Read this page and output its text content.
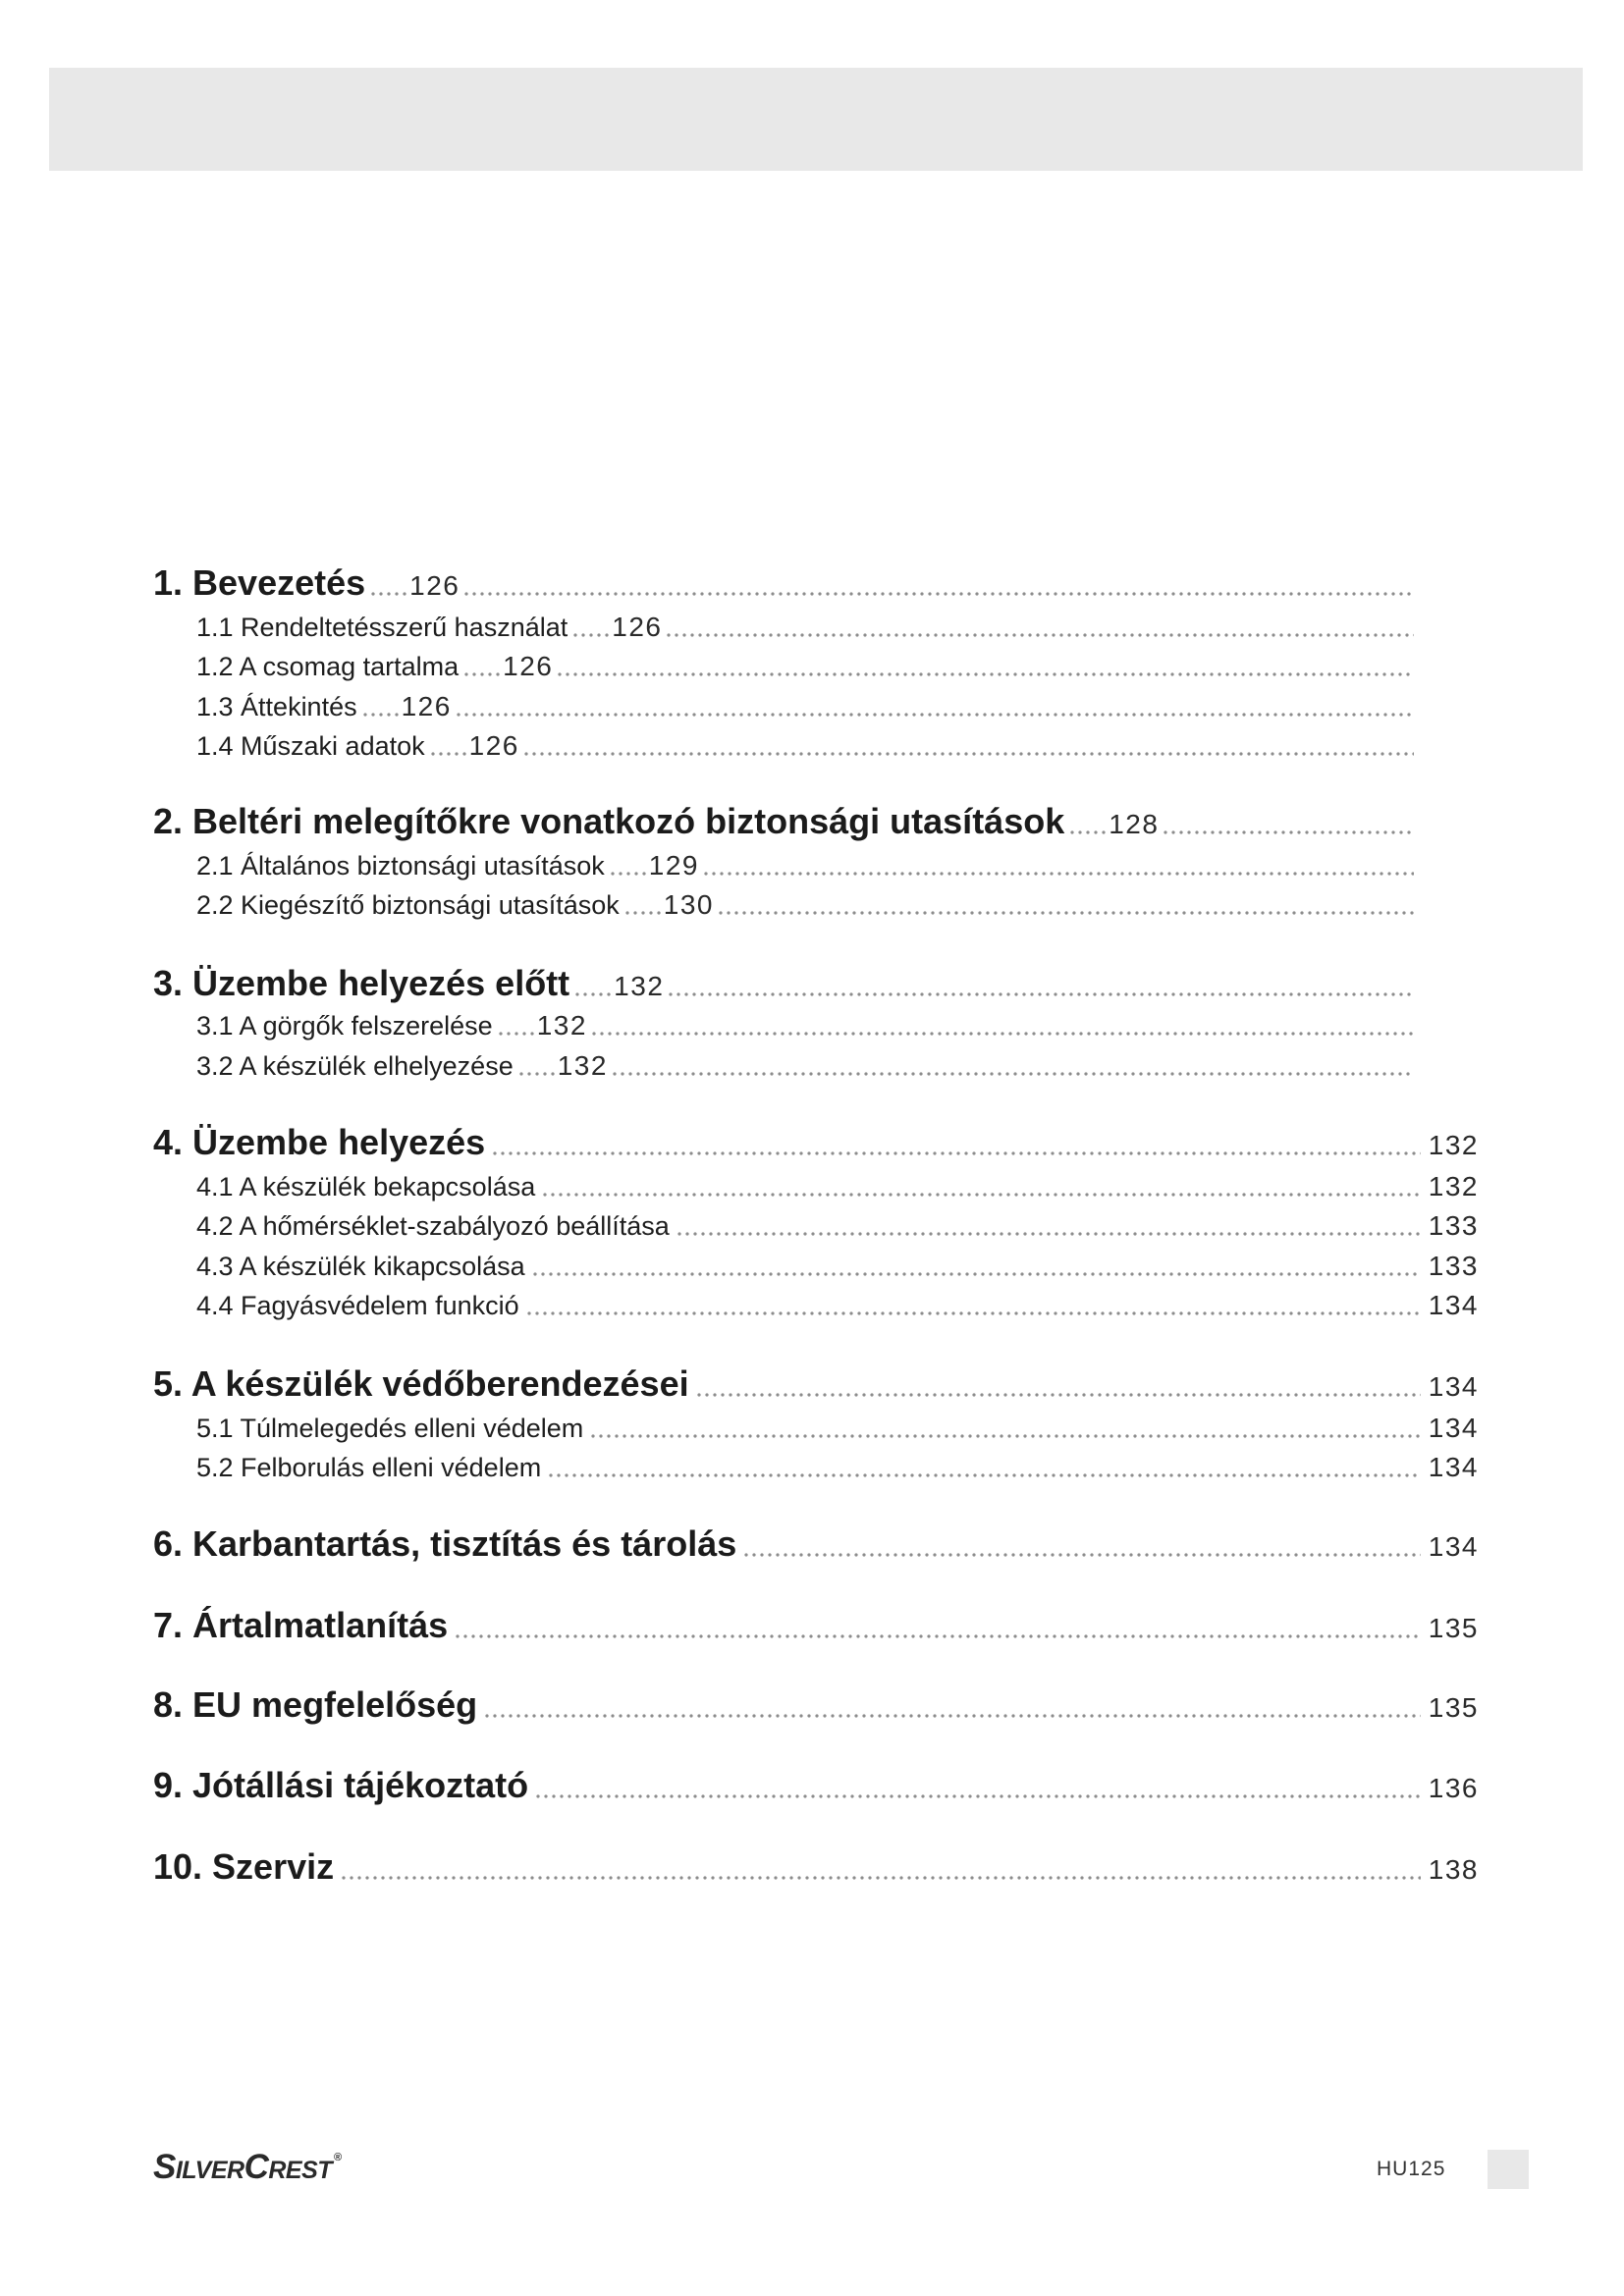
1. Bevezetés 126
1.1 Rendeltetésszerű használat 126
1.2 A csomag tartalma 126
1.3 Áttekintés 126
1.4 Műszaki adatok 126
2. Beltéri melegítőkre vonatkozó biztonsági utasítások 128
2.1 Általános biztonsági utasítások 129
2.2 Kiegészítő biztonsági utasítások 130
3. Üzembe helyezés előtt 132
3.1 A görgők felszerelése 132
3.2 A készülék elhelyezése 132
4. Üzembe helyezés	132
4.1 A készülék bekapcsolása	132
4.2 A hőmérséklet-szabályozó beállítása	133
4.3 A készülék kikapcsolása	133
4.4 Fagyásvédelem funkció	134
5. A készülék védőberendezései	134
5.1 Túlmelegedés elleni védelem	134
5.2 Felborulás elleni védelem	134
6. Karbantartás, tisztítás és tárolás	134
7. Ártalmatlanítás	135
8. EU megfelelőség	135
9. Jótállási tájékoztató	136
10. Szerviz	138
SilverCrest ®	HU125
